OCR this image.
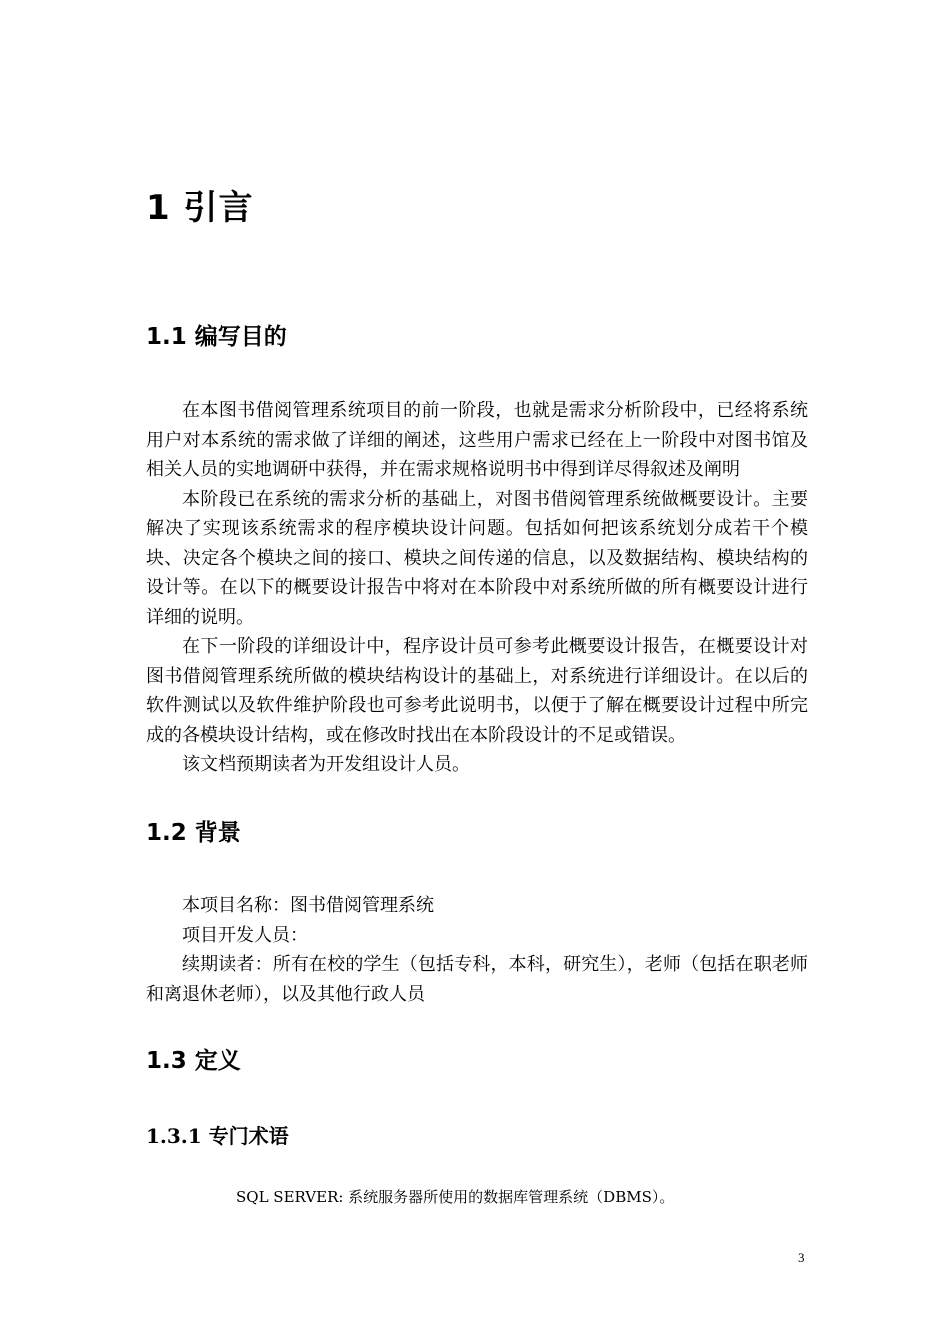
1 引言
1.1 编写目的

在本图书借阅管理系统项目的前一阶段，也就是需求分析阶段中，已经将系统用户对本系统的需求做了详细的阐述，这些用户需求已经在上一阶段中对图书馆及相关人员的实地调研中获得，并在需求规格说明书中得到详尽得叙述及阐明

本阶段已在系统的需求分析的基础上，对图书借阅管理系统做概要设计。主要解决了实现该系统需求的程序模块设计问题。包括如何把该系统划分成若干个模块、决定各个模块之间的接口、模块之间传递的信息，以及数据结构、模块结构的设计等。在以下的概要设计报告中将对在本阶段中对系统所做的所有概要设计进行详细的说明。

在下一阶段的详细设计中，程序设计员可参考此概要设计报告，在概要设计对图书借阅管理系统所做的模块结构设计的基础上，对系统进行详细设计。在以后的软件测试以及软件维护阶段也可参考此说明书，以便于了解在概要设计过程中所完成的各模块设计结构，或在修改时找出在本阶段设计的不足或错误。

该文档预期读者为开发组设计人员。

1.2 背景

本项目名称：图书借阅管理系统

项目开发人员：

续期读者：所有在校的学生（包括专科，本科，研究生），老师（包括在职老师和离退休老师），以及其他行政人员

1.3 定义
1.3.1 专门术语
SQL SERVER: 系统服务器所使用的数据库管理系统（DBMS）。
3
